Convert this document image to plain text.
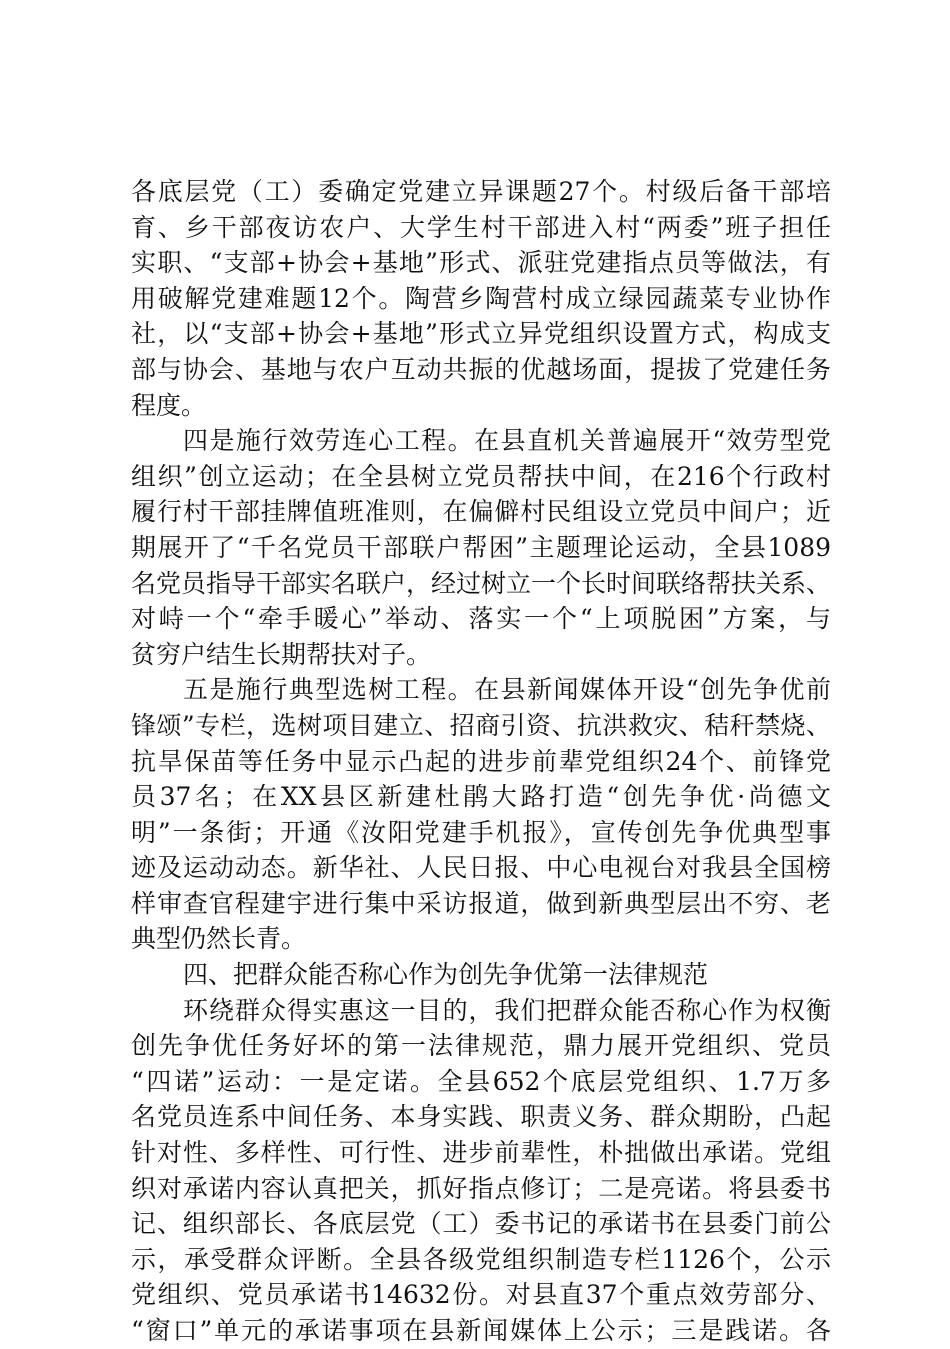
各底层党（工）委确定党建立异课题27个。村级后备干部培
育、乡干部夜访农户、大学生村干部进入村“两委”班子担任
实职、“支部+协会+基地”形式、派驻党建指点员等做法，有
用破解党建难题12个。陶营乡陶营村成立绿园蔬菜专业协作
社，以“支部+协会+基地”形式立异党组织设置方式，构成支
部与协会、基地与农户互动共振的优越场面，提拔了党建任务
程度。
四是施行效劳连心工程。在县直机关普遍展开“效劳型党
组织”创立运动；在全县树立党员帮扶中间，在216个行政村
履行村干部挂牌值班准则，在偏僻村民组设立党员中间户；近
期展开了“千名党员干部联户帮困”主题理论运动，全县1089
名党员指导干部实名联户，经过树立一个长时间联络帮扶关系、
对峙一个“牵手暖心”举动、落实一个“上项脱困”方案，与
贫穷户结生长期帮扶对子。
五是施行典型选树工程。在县新闻媒体开设“创先争优前
锋颂”专栏，选树项目建立、招商引资、抗洪救灾、秸秆禁烧、
抗旱保苗等任务中显示凸起的进步前辈党组织24个、前锋党
员37名；在XX县区新建杜鹃大路打造“创先争优·尚德文
明”一条街；开通《汝阳党建手机报》，宣传创先争优典型事
迹及运动动态。新华社、人民日报、中心电视台对我县全国榜
样审查官程建宇进行集中采访报道，做到新典型层出不穷、老
典型仍然长青。
四、把群众能否称心作为创先争优第一法律规范
环绕群众得实惠这一目的，我们把群众能否称心作为权衡
创先争优任务好坏的第一法律规范，鼎力展开党组织、党员
“四诺”运动：一是定诺。全县652个底层党组织、1.7万多
名党员连系中间任务、本身实践、职责义务、群众期盼，凸起
针对性、多样性、可行性、进步前辈性，朴拙做出承诺。党组
织对承诺内容认真把关，抓好指点修订；二是亮诺。将县委书
记、组织部长、各底层党（工）委书记的承诺书在县委门前公
示，承受群众评断。全县各级党组织制造专栏1126个，公示
党组织、党员承诺书14632份。对县直37个重点效劳部分、
“窗口”单元的承诺事项在县新闻媒体上公示；三是践诺。各
